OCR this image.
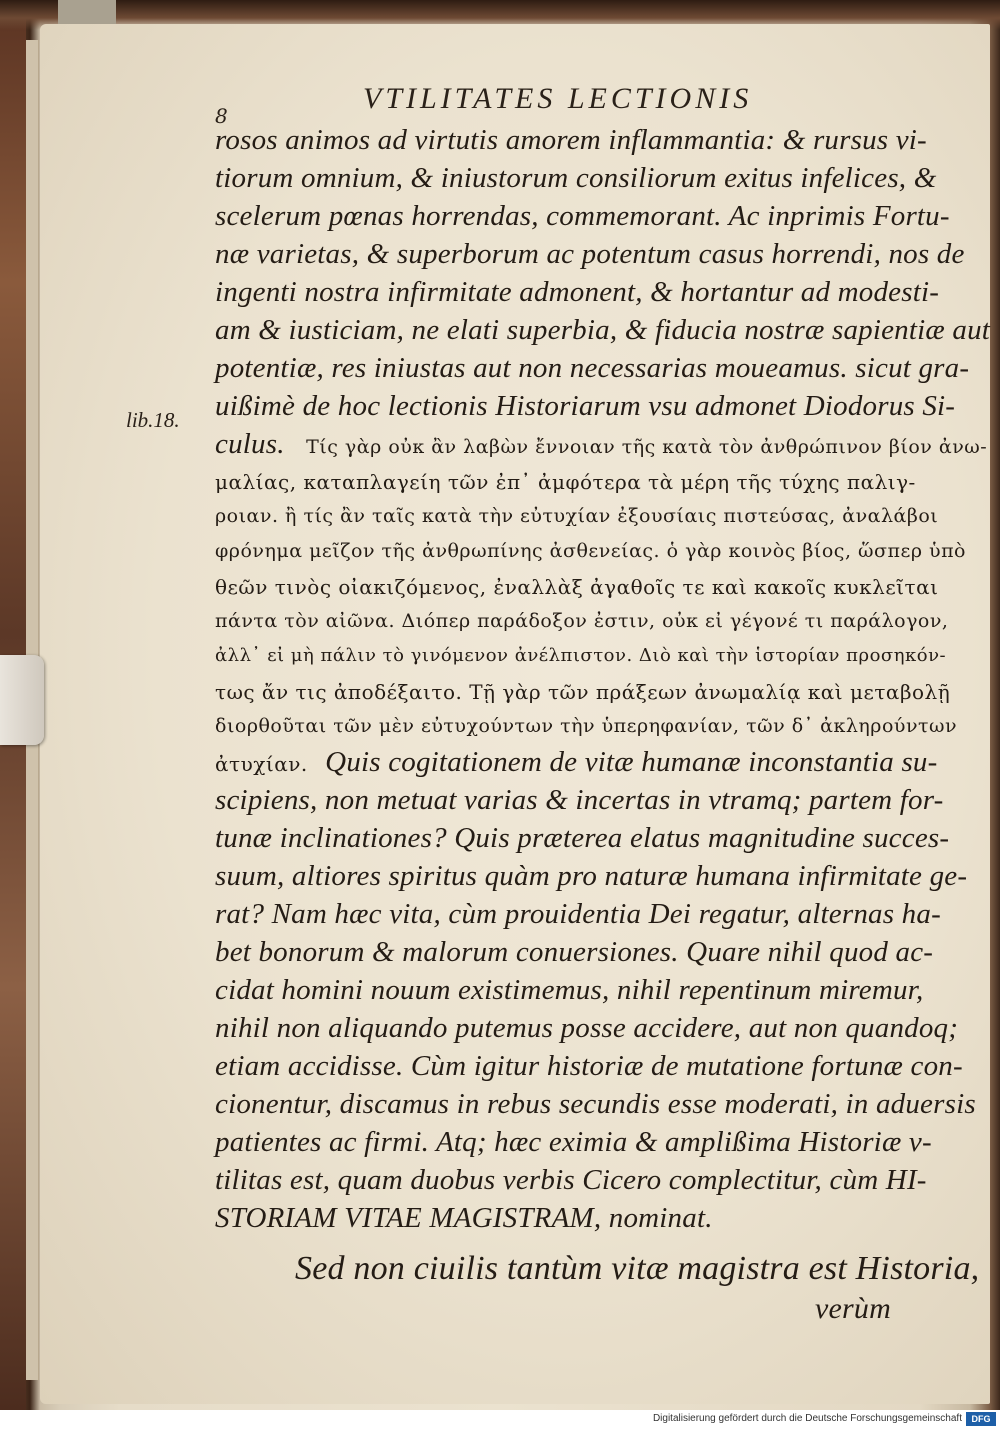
8
VTILITATES LECTIONIS
lib.18.
rosos animos ad virtutis amorem inflammantia: & rursus vi-
tiorum omnium, & iniustorum consiliorum exitus infelices, &
scelerum pœnas horrendas, commemorant. Ac inprimis Fortu-
næ varietas, & superborum ac potentum casus horrendi, nos de
ingenti nostra infirmitate admonent, & hortantur ad modesti-
am & iusticiam, ne elati superbia, & fiducia nostræ sapientiæ aut
potentiæ, res iniustas aut non necessarias moueamus. sicut gra-
uißimè de hoc lectionis Historiarum vsu admonet Diodorus Si-
culus. Τίς γὰρ οὐκ ἂν λαβὼν ἔννοιαν τῆς κατὰ τὸν ἀνθρώπινον βίον ἀνω-
μαλίας, καταπλαγείη τῶν ἐπ᾽ ἀμφότερα τὰ μέρη τῆς τύχης παλιγ-
ροιαν. ἢ τίς ἂν ταῖς κατὰ τὴν εὐτυχίαν ἐξουσίαις πιστεύσας, ἀναλάβοι
φρόνημα μεῖζον τῆς ἀνθρωπίνης ἀσθενείας. ὁ γὰρ κοινὸς βίος, ὥσπερ ὑπὸ
θεῶν τινὸς οἰακιζόμενος, ἐναλλὰξ ἀγαθοῖς τε καὶ κακοῖς κυκλεῖται
πάντα τὸν αἰῶνα. Διόπερ παράδοξον ἐστιν, οὐκ εἰ γέγονέ τι παράλογον,
ἀλλ᾽ εἰ μὴ πάλιν τὸ γινόμενον ἀνέλπιστον. Διὸ καὶ τὴν ἱστορίαν προσηκόν-
τως ἄν τις ἀποδέξαιτο. Τῇ γὰρ τῶν πράξεων ἀνωμαλίᾳ καὶ μεταβολῇ
διορθοῦται τῶν μὲν εὐτυχούντων τὴν ὑπερηφανίαν, τῶν δ᾽ ἀκληρούντων
ἀτυχίαν. Quis cogitationem de vitæ humanæ inconstantia su-
scipiens, non metuat varias & incertas in vtramq; partem for-
tunæ inclinationes? Quis præterea elatus magnitudine succes-
suum, altiores spiritus quàm pro naturæ humana infirmitate ge-
rat? Nam hæc vita, cùm prouidentia Dei regatur, alternas ha-
bet bonorum & malorum conuersiones. Quare nihil quod ac-
cidat homini nouum existimemus, nihil repentinum miremur,
nihil non aliquando putemus posse accidere, aut non quandoq;
etiam accidisse. Cùm igitur historiæ de mutatione fortunæ con-
cionentur, discamus in rebus secundis esse moderati, in aduersis
patientes ac firmi. Atq; hæc eximia & amplißima Historiæ v-
tilitas est, quam duobus verbis Cicero complectitur, cùm HI-
STORIAM VITAE MAGISTRAM, nominat.
Sed non ciuilis tantùm vitæ magistra est Historia,
verùm
Digitalisierung gefördert durch die Deutsche Forschungsgemeinschaft	DFG
